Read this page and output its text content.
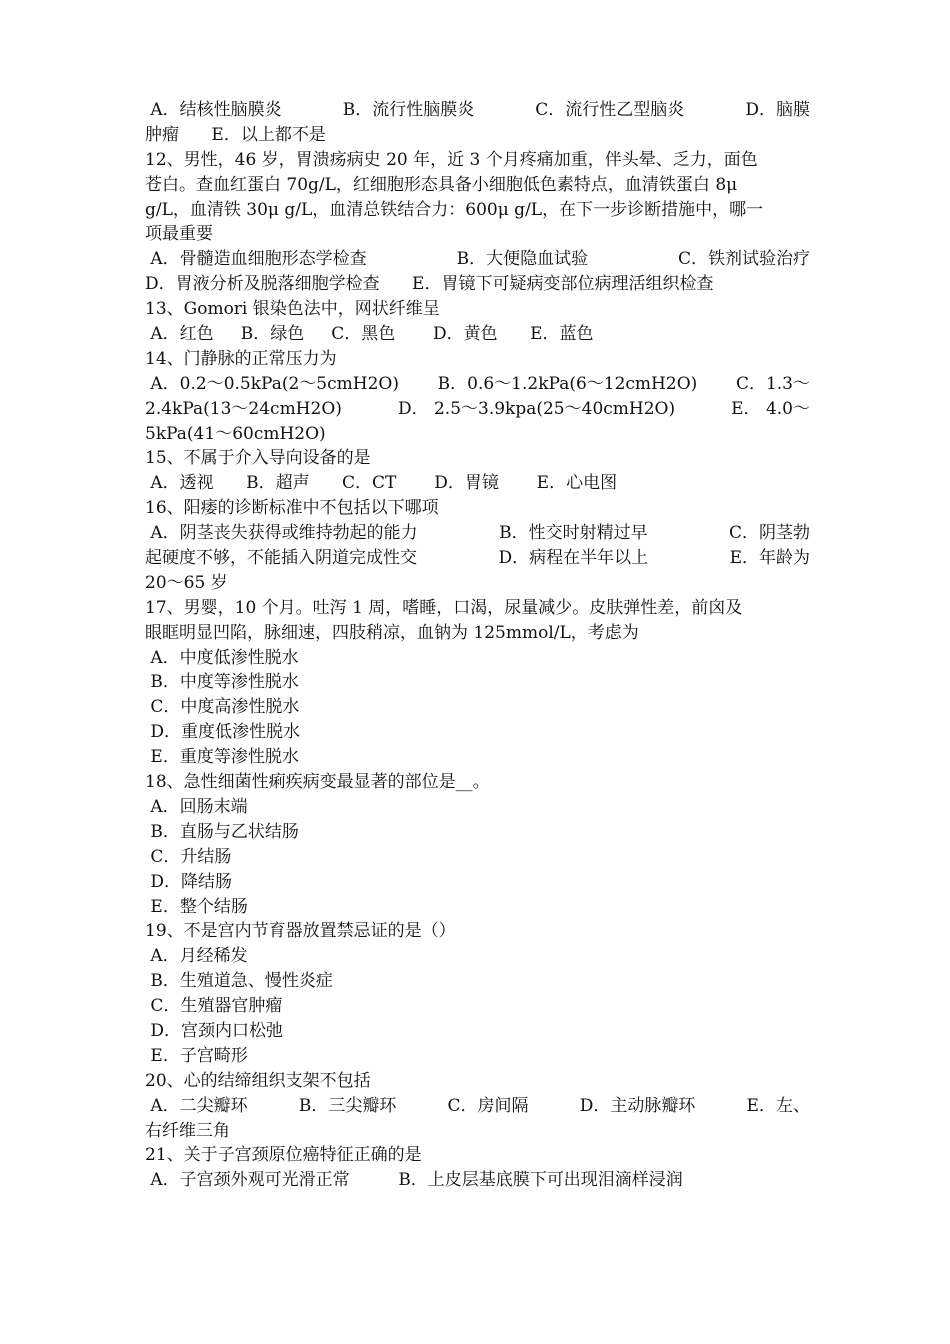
A．结核性脑膜炎	B．流行性脑膜炎	C．流行性乙型脑炎	D．脑膜
肿瘤      E．以上都不是
12、男性，46 岁，胃溃疡病史 20 年，近 3 个月疼痛加重，伴头晕、乏力，面色
苍白。查血红蛋白 70g/L，红细胞形态具备小细胞低色素特点，血清铁蛋白 8μ
g/L，血清铁 30μ g/L，血清总铁结合力：600μ g/L，在下一步诊断措施中，哪一
项最重要
A．骨髓造血细胞形态学检查	B．大便隐血试验	C．铁剂试验治疗
D．胃液分析及脱落细胞学检查      E．胃镜下可疑病变部位病理活组织检查
13、Gomori 银染色法中，网状纤维呈
A．红色     B．绿色     C．黑色       D．黄色      E．蓝色
14、门静脉的正常压力为
A．0.2～0.5kPa(2～5cmH2O) B．0.6～1.2kPa(6～12cmH2O) C．1.3～
2.4kPa(13～24cmH2O)	D． 2.5～3.9kpa(25～40cmH2O)	E． 4.0～
5kPa(41～60cmH2O)
15、不属于介入导向设备的是
A．透视      B．超声      C．CT       D．胃镜       E．心电图
16、阳痿的诊断标准中不包括以下哪项
A．阴茎丧失获得或维持勃起的能力	B．性交时射精过早	C．阴茎勃
起硬度不够，不能插入阴道完成性交	D．病程在半年以上	E．年龄为
20～65 岁
17、男婴，10 个月。吐泻 1 周，嗜睡，口渴，尿量减少。皮肤弹性差，前囟及
眼眶明显凹陷，脉细速，四肢稍凉，血钠为 125mmol/L，考虑为
A．中度低渗性脱水
B．中度等渗性脱水
C．中度高渗性脱水
D．重度低渗性脱水
E．重度等渗性脱水
18、急性细菌性痢疾病变最显著的部位是__。
A．回肠末端
B．直肠与乙状结肠
C．升结肠
D．降结肠
E．整个结肠
19、不是宫内节育器放置禁忌证的是（）
A．月经稀发
B．生殖道急、慢性炎症
C．生殖器官肿瘤
D．宫颈内口松弛
E．子宫畸形
20、心的结缔组织支架不包括
A．二尖瓣环	B．三尖瓣环	C．房间隔	D．主动脉瓣环	E．左、
右纤维三角
21、关于子宫颈原位癌特征正确的是
A．子宫颈外观可光滑正常         B．上皮层基底膜下可出现泪滴样浸润
